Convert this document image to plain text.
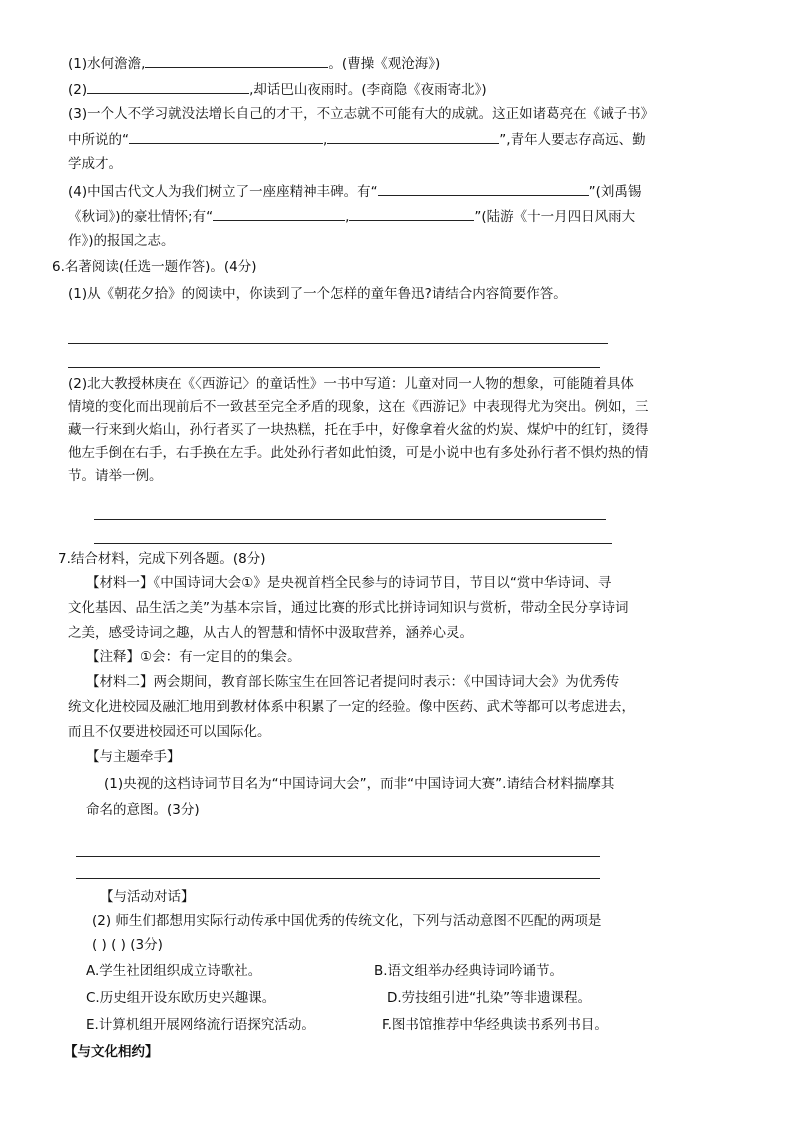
(1)水何澹澹,	。(曹操《观沧海》)
(2)	,却话巴山夜雨时。(李商隐《夜雨寄北》)
(3)一个人不学习就没法增长自己的才干，不立志就不可能有大的成就。这正如诸葛亮在《诫子书》
中所说的“	,	”,青年人要志存高远、勤
学成才。
(4)中国古代文人为我们树立了一座座精神丰碑。有“	”(刘禹锡
《秋词》)的豪壮情怀;有“	,	”(陆游《十一月四日风雨大
作》)的报国之志。
6.名著阅读(任选一题作答)。(4分)
(1)从《朝花夕拾》的阅读中，你读到了一个怎样的童年鲁迅?请结合内容简要作答。
(2)北大教授林庚在《〈西游记〉的童话性》一书中写道：儿童对同一人物的想象，可能随着具体
情境的变化而出现前后不一致甚至完全矛盾的现象，这在《西游记》中表现得尤为突出。例如，三
藏一行来到火焰山，孙行者买了一块热糕，托在手中，好像拿着火盆的灼炭、煤炉中的红钉，烫得
他左手倒在右手，右手换在左手。此处孙行者如此怕烫，可是小说中也有多处孙行者不惧灼热的情
节。请举一例。
7.结合材料，完成下列各题。(8分)
【材料一】《中国诗词大会①》是央视首档全民参与的诗词节目，节目以“赏中华诗词、寻
文化基因、品生活之美”为基本宗旨，通过比赛的形式比拼诗词知识与赏析，带动全民分享诗词
之美，感受诗词之趣，从古人的智慧和情怀中汲取营养，涵养心灵。
【注释】①会：有一定目的的集会。
【材料二】两会期间，教育部长陈宝生在回答记者提问时表示：《中国诗词大会》为优秀传
统文化进校园及融汇地用到教材体系中积累了一定的经验。像中医药、武术等都可以考虑进去，
而且不仅要进校园还可以国际化。
【与主题牵手】
(1)央视的这档诗词节目名为“中国诗词大会”，而非“中国诗词大赛”.请结合材料揣摩其
命名的意图。(3分)
【与活动对话】
(2) 师生们都想用实际行动传承中国优秀的传统文化，下列与活动意图不匹配的两项是
( ) ( ) (3分)
A.学生社团组织成立诗歌社。	B.语文组举办经典诗词吟诵节。
C.历史组开设东欧历史兴趣课。	D.劳技组引进“扎染”等非遗课程。
E.计算机组开展网络流行语探究活动。	F.图书馆推荐中华经典读书系列书目。
【与文化相约】
